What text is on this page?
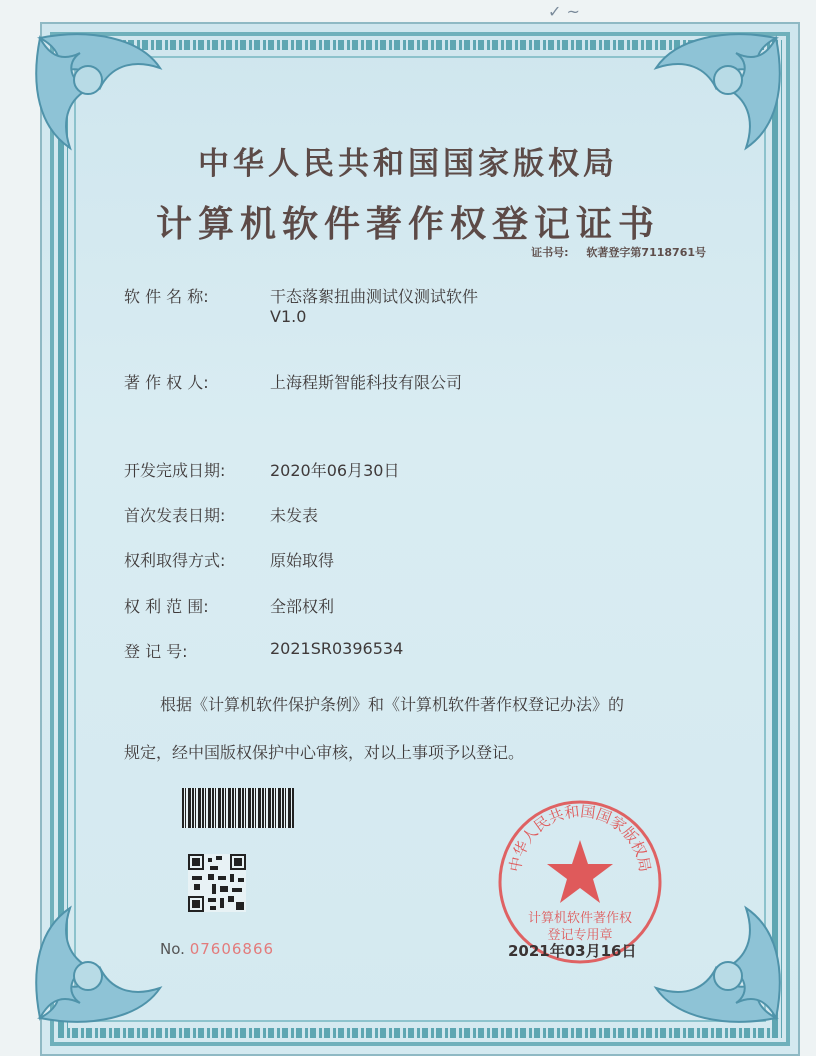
✓ ~
中华人民共和国国家版权局
计算机软件著作权登记证书
证书号: 软著登字第7118761号
软 件 名 称:	干态落絮扭曲测试仪测试软件
V1.0
著 作 权 人:	上海程斯智能科技有限公司
开发完成日期:	2020年06月30日
首次发表日期:	未发表
权利取得方式:	原始取得
权 利 范 围:	全部权利
登 记 号:	2021SR0396534
根据《计算机软件保护条例》和《计算机软件著作权登记办法》的
规定，经中国版权保护中心审核，对以上事项予以登记。
No. 07606866
中华人民共和国国家版权局
计算机软件著作权
登记专用章
2021年03月16日
